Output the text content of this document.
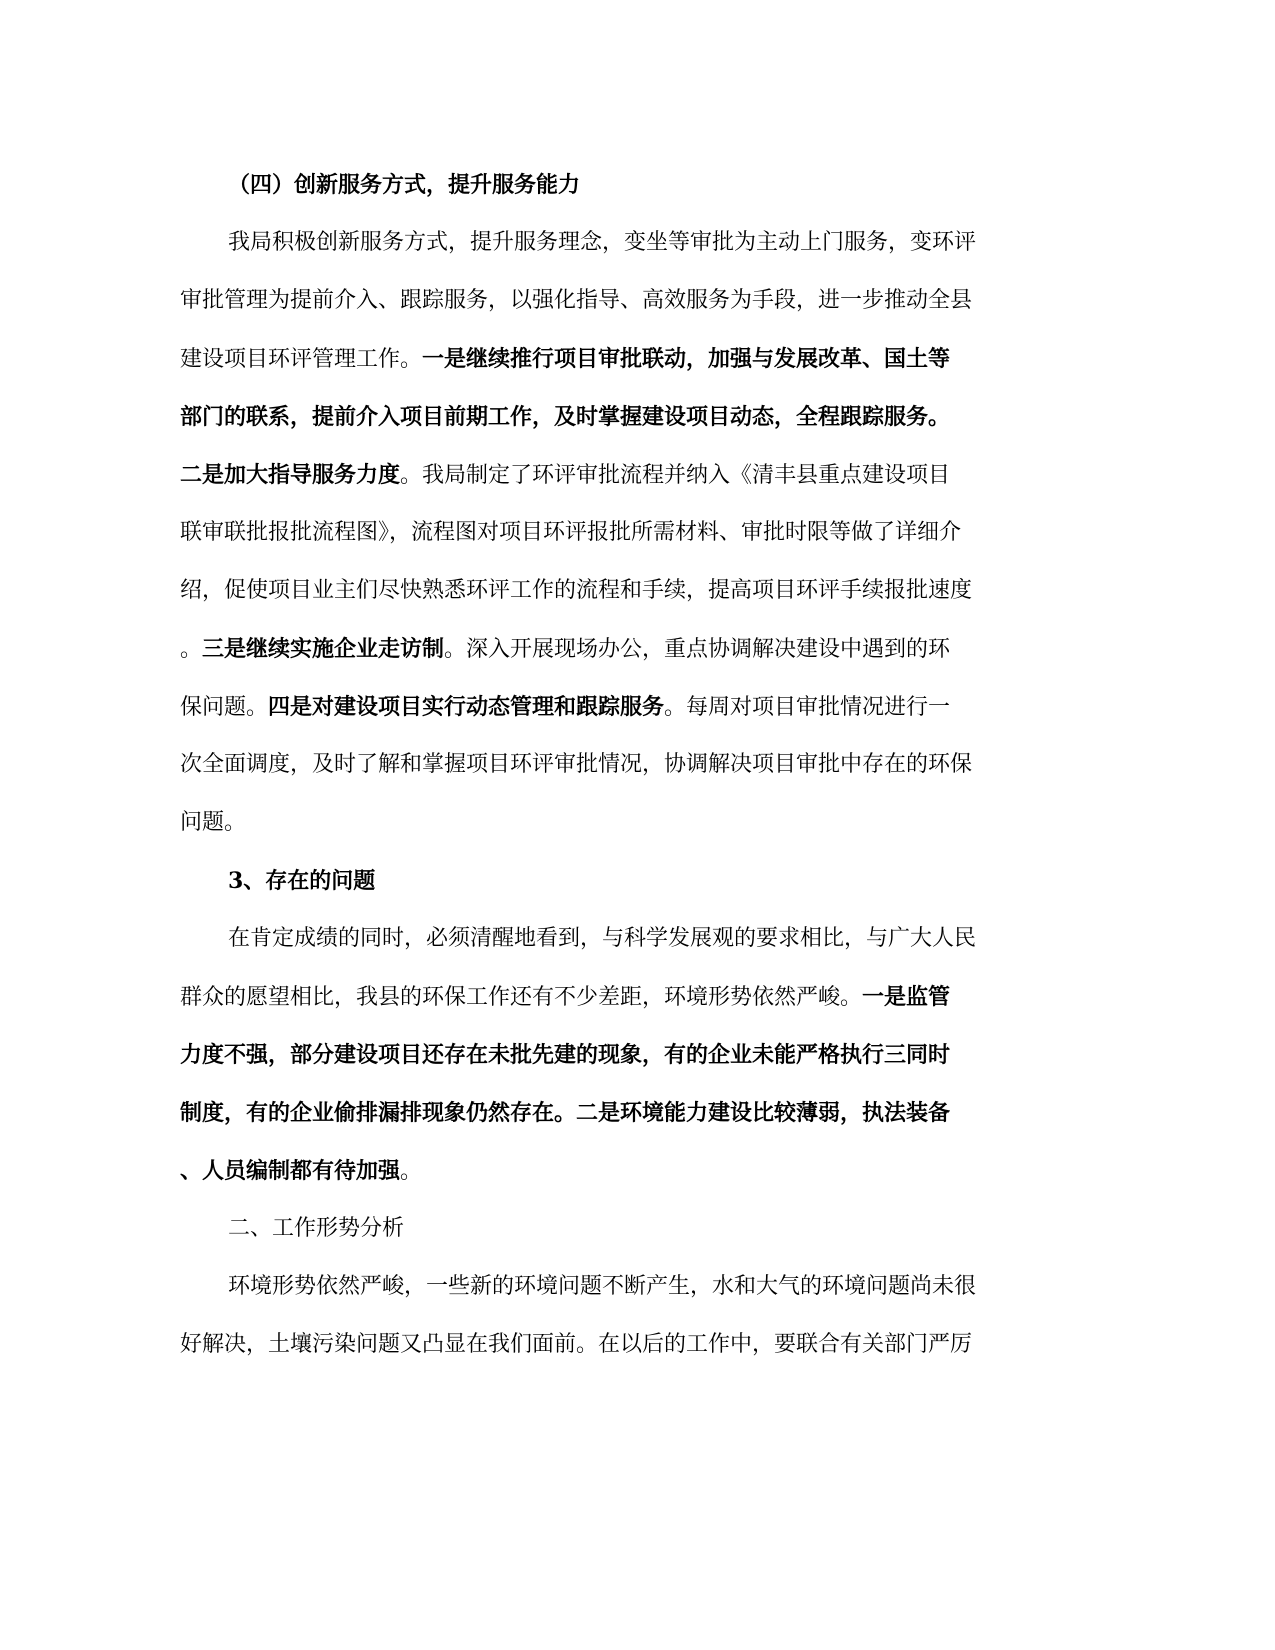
（四）创新服务方式，提升服务能力
我局积极创新服务方式，提升服务理念，变坐等审批为主动上门服务，变环评
审批管理为提前介入、跟踪服务，以强化指导、高效服务为手段，进一步推动全县
建设项目环评管理工作。一是继续推行项目审批联动，加强与发展改革、国土等
部门的联系，提前介入项目前期工作，及时掌握建设项目动态，全程跟踪服务。
二是加大指导服务力度。我局制定了环评审批流程并纳入《清丰县重点建设项目
联审联批报批流程图》，流程图对项目环评报批所需材料、审批时限等做了详细介
绍，促使项目业主们尽快熟悉环评工作的流程和手续，提高项目环评手续报批速度
。三是继续实施企业走访制。深入开展现场办公，重点协调解决建设中遇到的环
保问题。四是对建设项目实行动态管理和跟踪服务。每周对项目审批情况进行一
次全面调度，及时了解和掌握项目环评审批情况，协调解决项目审批中存在的环保
问题。
3、存在的问题
在肯定成绩的同时，必须清醒地看到，与科学发展观的要求相比，与广大人民
群众的愿望相比，我县的环保工作还有不少差距，环境形势依然严峻。一是监管
力度不强，部分建设项目还存在未批先建的现象，有的企业未能严格执行三同时
制度，有的企业偷排漏排现象仍然存在。二是环境能力建设比较薄弱，执法装备
、人员编制都有待加强。
二、工作形势分析
环境形势依然严峻，一些新的环境问题不断产生，水和大气的环境问题尚未很
好解决，土壤污染问题又凸显在我们面前。在以后的工作中，要联合有关部门严厉
